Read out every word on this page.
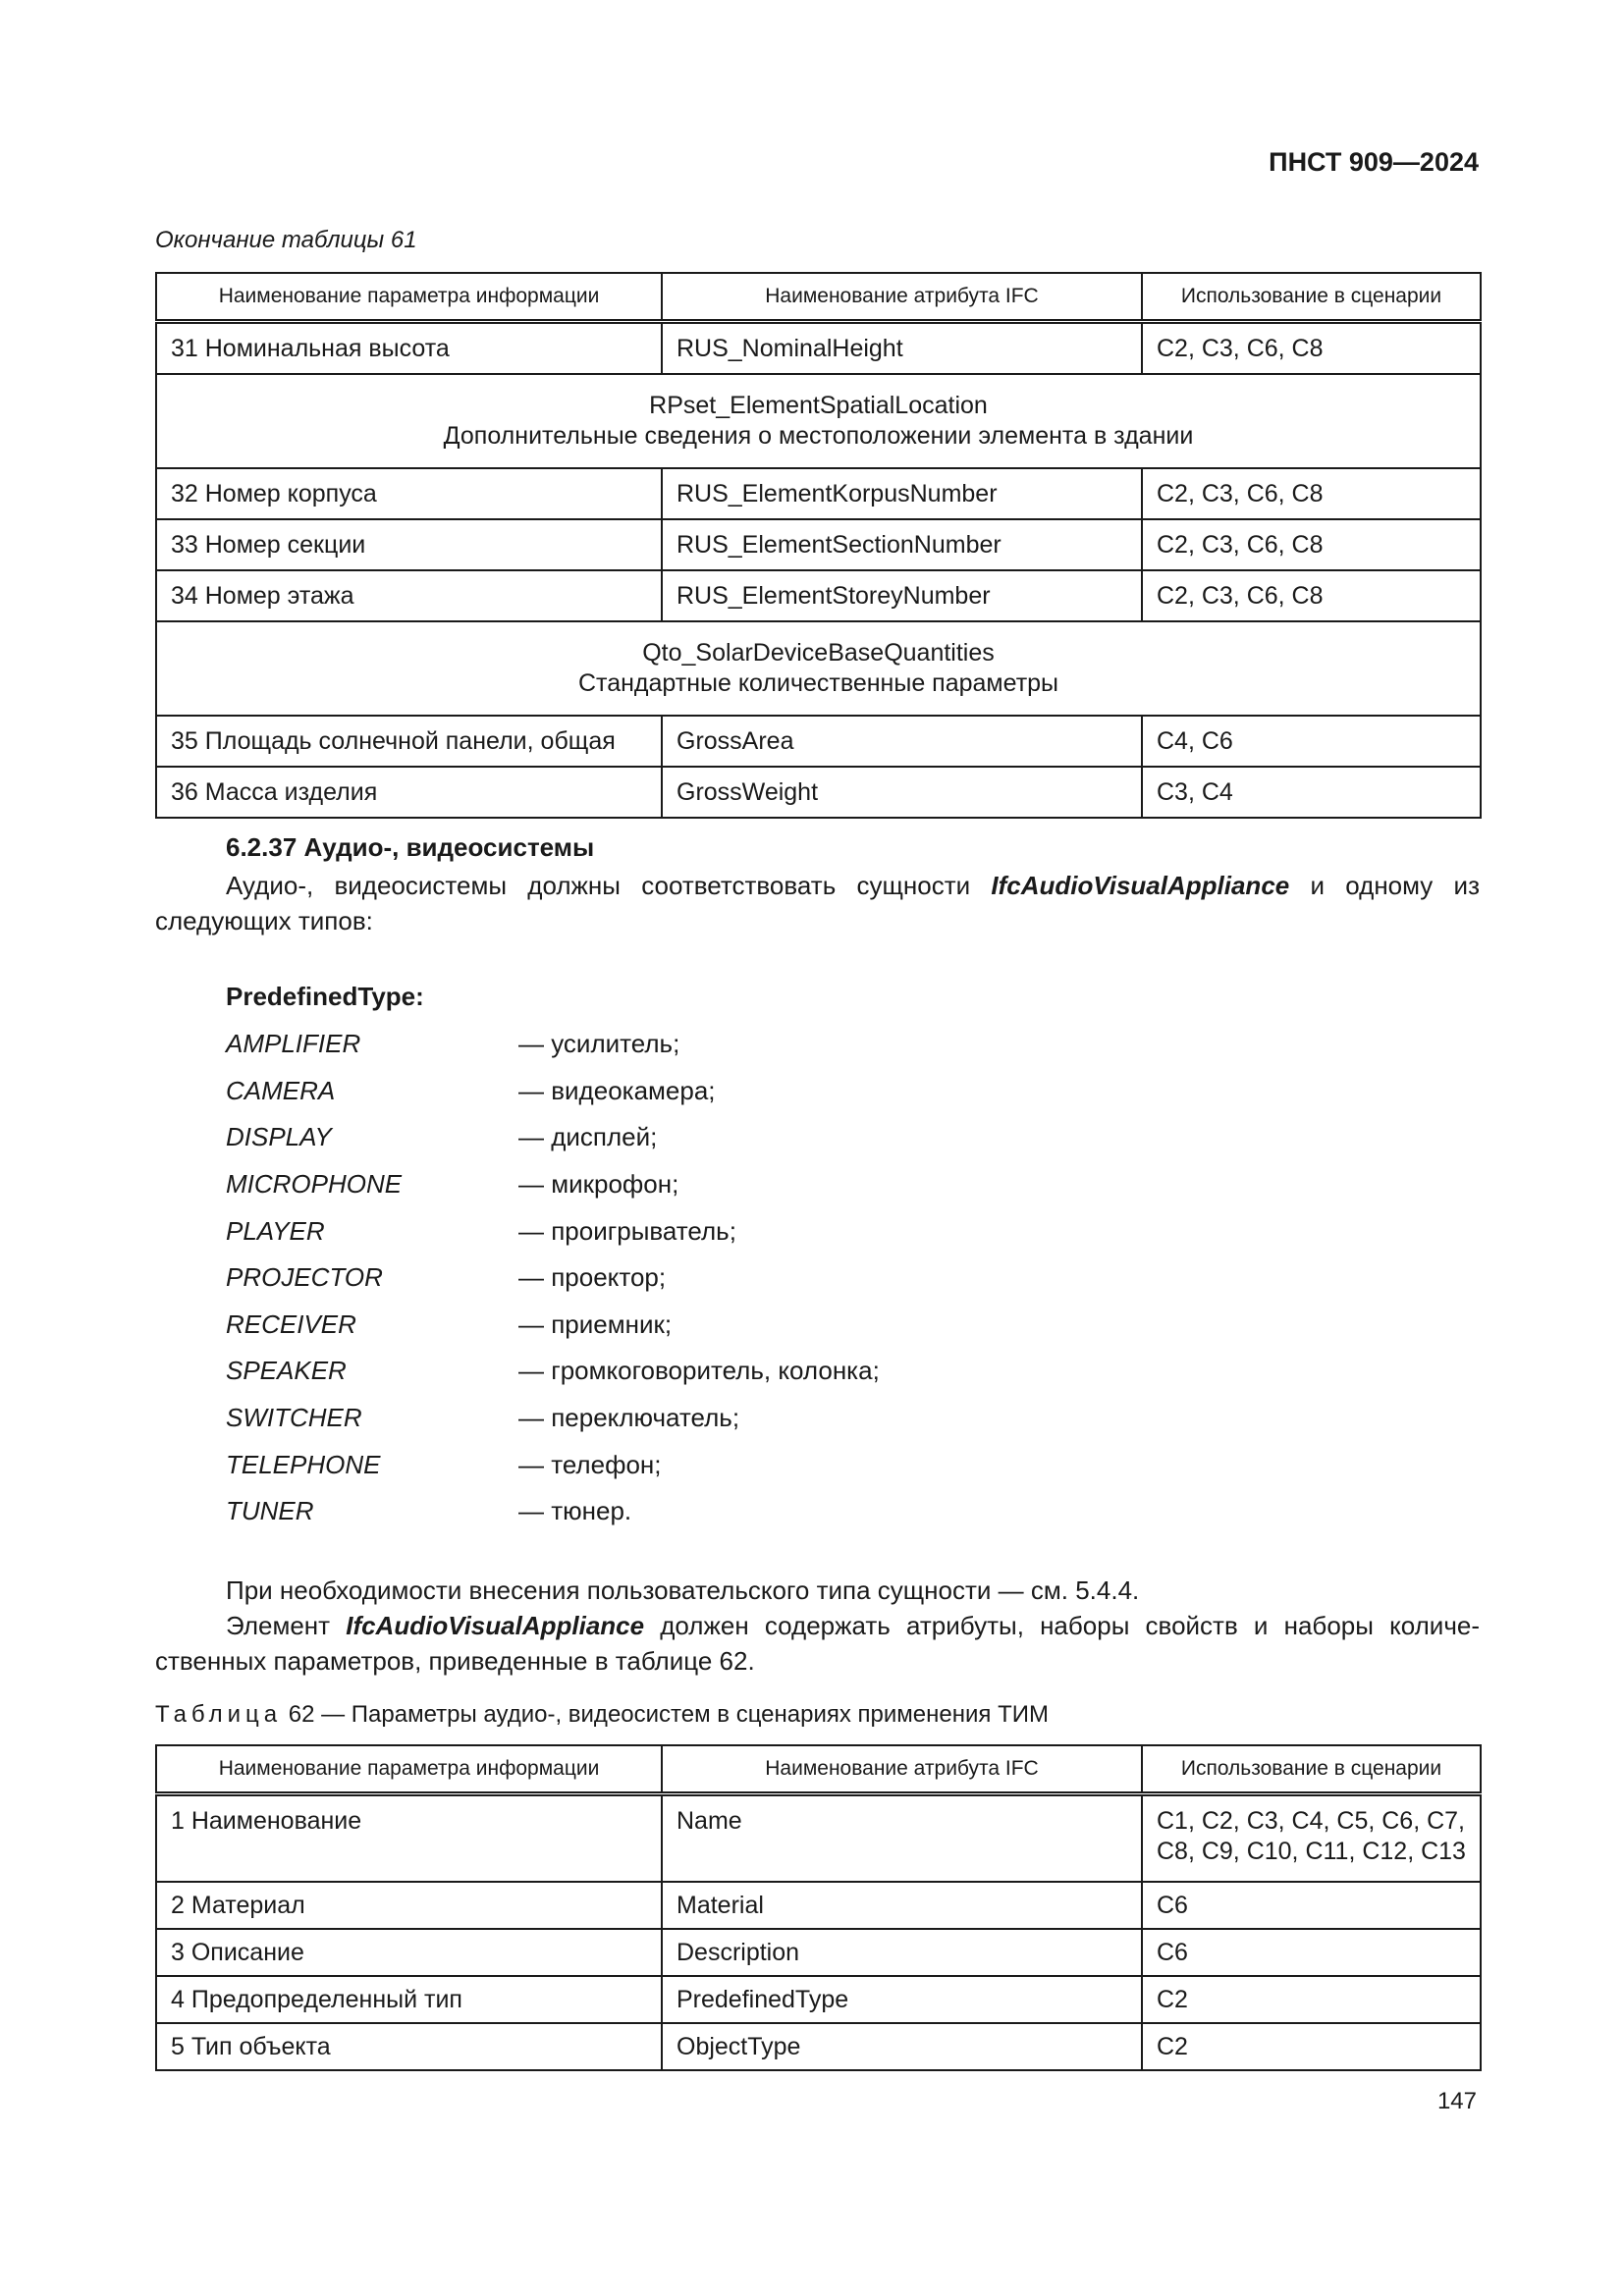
ПНСТ 909—2024
Окончание таблицы 61
Наименование параметра информации	Наименование атрибута IFC	Использование в сценарии
31 Номинальная высота	RUS_NominalHeight	C2, C3, C6, C8

RPset_ElementSpatialLocation
Дополнительные сведения о местоположении элемента в здании		

32 Номер корпуса	RUS_ElementKorpusNumber	C2, C3, C6, C8
33 Номер секции	RUS_ElementSectionNumber	C2, C3, C6, C8
34 Номер этажа	RUS_ElementStoreyNumber	C2, C3, C6, C8

Qto_SolarDeviceBaseQuantities
Стандартные количественные параметры		

35 Площадь солнечной панели, общая	GrossArea	C4, C6
36 Масса изделия	GrossWeight	C3, C4
6.2.37 Аудио-, видеосистемы
Аудио-, видеосистемы должны соответствовать сущности IfcAudioVisualAppliance и одному из следующих типов:
PredefinedType:
AMPLIFIER	— усилитель;
CAMERA	— видеокамера;
DISPLAY	— дисплей;
MICROPHONE	— микрофон;
PLAYER	— проигрыватель;
PROJECTOR	— проектор;
RECEIVER	— приемник;
SPEAKER	— громкоговоритель, колонка;
SWITCHER	— переключатель;
TELEPHONE	— телефон;
TUNER	— тюнер.
При необходимости внесения пользовательского типа сущности — см. 5.4.4.
Элемент IfcAudioVisualAppliance должен содержать атрибуты, наборы свойств и наборы количе-ственных параметров, приведенные в таблице 62.
Таблица 62 — Параметры аудио-, видеосистем в сценариях применения ТИМ
Наименование параметра информации	Наименование атрибута IFC	Использование в сценарии
1 Наименование	Name	C1, C2, C3, C4, C5, C6, C7, C8, C9, C10, C11, C12, C13
2 Материал	Material	C6
3 Описание	Description	C6
4 Предопределенный тип	PredefinedType	C2
5 Тип объекта	ObjectType	C2
147
